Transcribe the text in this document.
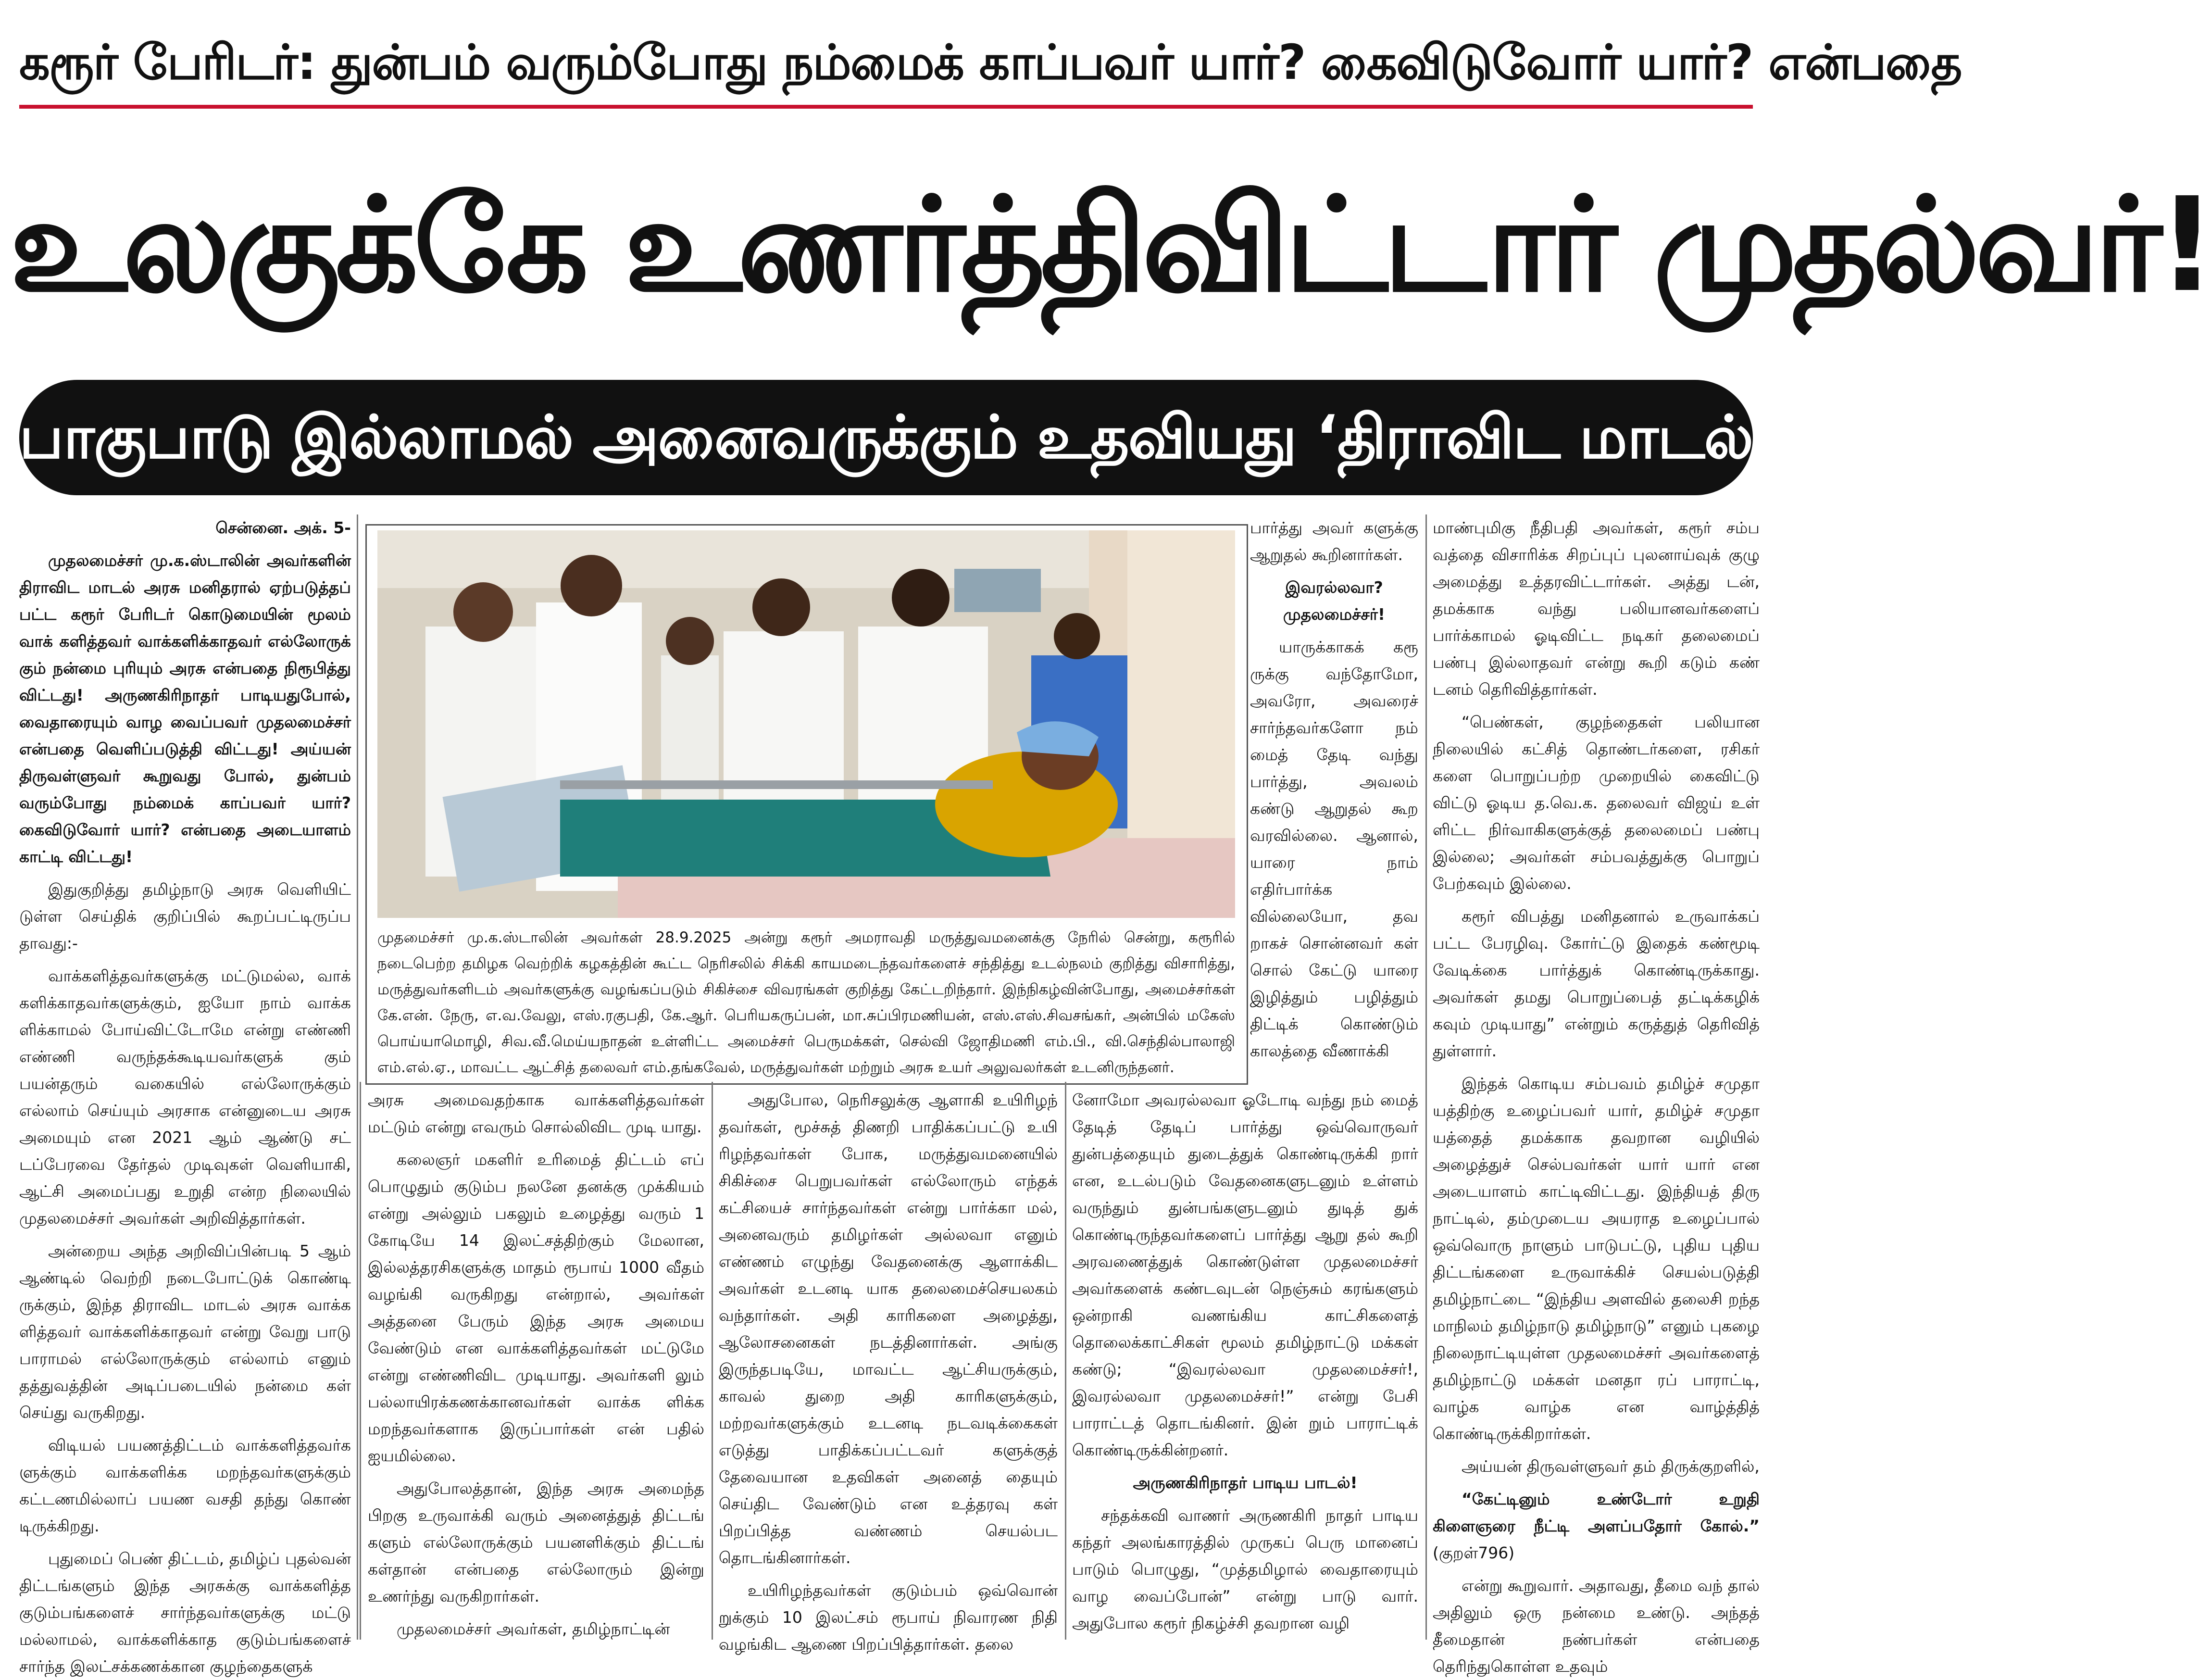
கரூர் பேரிடர்: துன்பம் வரும்போது நம்மைக் காப்பவர் யார்? கைவிடுவோர் யார்? என்பதை
உலகுக்கே உணர்த்திவிட்டார் முதல்வர்!
பாகுபாடு இல்லாமல் அனைவருக்கும் உதவியது ‘திராவிட மாடல்’ அரசு!

சென்னை. அக். 5-

முதலமைச்சர் மு.க.ஸ்டாலின் அவர்களின் திராவிட மாடல் அரசு மனிதரால் ஏற்படுத்தப் பட்ட கரூர் பேரிடர் கொடுமையின் மூலம் வாக் களித்தவர் வாக்களிக்காதவர் எல்லோருக் கும் நன்மை புரியும் அரசு என்பதை நிரூபித்து விட்டது! அருணகிரிநாதர் பாடியதுபோல், வைதாரையும் வாழ வைப்பவர் முதலமைச்சர் என்பதை வெளிப்படுத்தி விட்டது! அய்யன் திருவள்ளுவர் கூறுவது போல், துன்பம் வரும்போது நம்மைக் காப்பவர் யார்? கைவிடுவோர் யார்? என்பதை அடையாளம் காட்டி விட்டது!

இதுகுறித்து தமிழ்நாடு அரசு வெளியிட் டுள்ள செய்திக் குறிப்பில் கூறப்பட்டிருப்ப தாவது:-

வாக்களித்தவர்களுக்கு மட்டுமல்ல, வாக் களிக்காதவர்களுக்கும், ஐயோ நாம் வாக்க ளிக்காமல் போய்விட்டோமே என்று எண்ணி எண்ணி வருந்தக்கூடியவர்களுக் கும் பயன்தரும் வகையில் எல்லோருக்கும் எல்லாம் செய்யும் அரசாக என்னுடைய அரசு அமையும் என 2021 ஆம் ஆண்டு சட் டப்பேரவை தேர்தல் முடிவுகள் வெளியாகி, ஆட்சி அமைப்பது உறுதி என்ற நிலையில் முதலமைச்சர் அவர்கள் அறிவித்தார்கள்.

அன்றைய அந்த அறிவிப்பின்படி 5 ஆம் ஆண்டில் வெற்றி நடைபோட்டுக் கொண்டி ருக்கும், இந்த திராவிட மாடல் அரசு வாக்க ளித்தவர் வாக்களிக்காதவர் என்று வேறு பாடு பாராமல் எல்லோருக்கும் எல்லாம் எனும் தத்துவத்தின் அடிப்படையில் நன்மை கள் செய்து வருகிறது.

விடியல் பயணத்திட்டம் வாக்களித்தவர்க ளுக்கும் வாக்களிக்க மறந்தவர்களுக்கும் கட்டணமில்லாப் பயண வசதி தந்து கொண் டிருக்கிறது.

புதுமைப் பெண் திட்டம், தமிழ்ப் புதல்வன் திட்டங்களும் இந்த அரசுக்கு வாக்களித்த குடும்பங்களைச் சார்ந்தவர்களுக்கு மட்டு மல்லாமல், வாக்களிக்காத குடும்பங்களைச் சார்ந்த இலட்சக்கணக்கான குழந்தைகளுக்

முதமைச்சர் மு.க.ஸ்டாலின் அவர்கள் 28.9.2025 அன்று கரூர் அமராவதி மருத்துவமனைக்கு நேரில் சென்று, கரூரில் நடைபெற்ற தமிழக வெற்றிக் கழகத்தின் கூட்ட நெரிசலில் சிக்கி காயமடைந்தவர்களைச் சந்தித்து உடல்நலம் குறித்து விசாரித்து, மருத்துவர்களிடம் அவர்களுக்கு வழங்கப்படும் சிகிச்சை விவரங்கள் குறித்து கேட்டறிந்தார். இந்நிகழ்வின்போது, அமைச்சர்கள் கே.என். நேரு, எ.வ.வேலு, எஸ்.ரகுபதி, கே.ஆர். பெரியகருப்பன், மா.சுப்பிரமணியன், எஸ்.எஸ்.சிவசங்கர், அன்பில் மகேஸ் பொய்யாமொழி, சிவ.வீ.மெய்யநாதன் உள்ளிட்ட அமைச்சர் பெருமக்கள், செல்வி ஜோதிமணி எம்.பி., வி.செந்தில்பாலாஜி எம்.எல்.ஏ., மாவட்ட ஆட்சித் தலைவர் எம்.தங்கவேல், மருத்துவர்கள் மற்றும் அரசு உயர் அலுவலர்கள் உடனிருந்தனர்.

அரசு அமைவதற்காக வாக்களித்தவர்கள் மட்டும் என்று எவரும் சொல்லிவிட முடி யாது.

கலைஞர் மகளிர் உரிமைத் திட்டம் எப் பொழுதும் குடும்ப நலனே தனக்கு முக்கியம் என்று அல்லும் பகலும் உழைத்து வரும் 1 கோடியே 14 இலட்சத்திற்கும் மேலான, இல்லத்தரசிகளுக்கு மாதம் ரூபாய் 1000 வீதம் வழங்கி வருகிறது என்றால், அவர்கள் அத்தனை பேரும் இந்த அரசு அமைய வேண்டும் என வாக்களித்தவர்கள் மட்டுமே என்று எண்ணிவிட முடியாது. அவர்களி லும் பல்லாயிரக்கணக்கானவர்கள் வாக்க ளிக்க மறந்தவர்களாக இருப்பார்கள் என் பதில் ஐயமில்லை.

அதுபோலத்தான், இந்த அரசு அமைந்த பிறகு உருவாக்கி வரும் அனைத்துத் திட்டங் களும் எல்லோருக்கும் பயனளிக்கும் திட்டங் கள்தான் என்பதை எல்லோரும் இன்று உணர்ந்து வருகிறார்கள்.

முதலமைச்சர் அவர்கள், தமிழ்நாட்டின்

அதுபோல, நெரிசலுக்கு ஆளாகி உயிரிழந் தவர்கள், மூச்சுத் திணறி பாதிக்கப்பட்டு உயி ரிழந்தவர்கள் போக, மருத்துவமனையில் சிகிச்சை பெறுபவர்கள் எல்லோரும் எந்தக் கட்சியைச் சார்ந்தவர்கள் என்று பார்க்கா மல், அனைவரும் தமிழர்கள் அல்லவா எனும் எண்ணம் எழுந்து வேதனைக்கு ஆளாக்கிட அவர்கள் உடனடி யாக தலைமைச்செயலகம் வந்தார்கள். அதி காரிகளை அழைத்து, ஆலோசனைகள் நடத்தினார்கள். அங்கு இருந்தபடியே, மாவட்ட ஆட்சியருக்கும், காவல் துறை அதி காரிகளுக்கும், மற்றவர்களுக்கும் உடனடி நடவடிக்கைகள் எடுத்து பாதிக்கப்பட்டவர் களுக்குத் தேவையான உதவிகள் அனைத் தையும் செய்திட வேண்டும் என உத்தரவு கள் பிறப்பித்த வண்ணம் செயல்பட தொடங்கினார்கள்.

உயிரிழந்தவர்கள் குடும்பம் ஒவ்வொன் றுக்கும் 10 இலட்சம் ரூபாய் நிவாரண நிதி வழங்கிட ஆணை பிறப்பித்தார்கள். தலை

பார்த்து அவர் களுக்கு ஆறுதல் கூறினார்கள்.

இவரல்லவா? முதலமைச்சர்!

யாருக்காகக் கரூ ருக்கு வந்தோமோ, அவரோ, அவரைச் சார்ந்தவர்களோ நம் மைத் தேடி வந்து பார்த்து, அவலம் கண்டு ஆறுதல் கூற வரவில்லை. ஆனால், யாரை நாம் எதிர்பார்க்க வில்லையோ, தவ றாகச் சொன்னவர் கள் சொல் கேட்டு யாரை இழித்தும் பழித்தும் திட்டிக் கொண்டும் காலத்தை வீணாக்கி

னோமோ அவரல்லவா ஓடோடி வந்து நம் மைத் தேடித் தேடிப் பார்த்து ஒவ்வொருவர் துன்பத்தையும் துடைத்துக் கொண்டிருக்கி றார் என, உடல்படும் வேதனைகளுடனும் உள்ளம் வருந்தும் துன்பங்களுடனும் துடித் துக் கொண்டிருந்தவர்களைப் பார்த்து ஆறு தல் கூறி அரவணைத்துக் கொண்டுள்ள முதலமைச்சர் அவர்களைக் கண்டவுடன் நெஞ்சும் கரங்களும் ஒன்றாகி வணங்கிய காட்சிகளைத் தொலைக்காட்சிகள் மூலம் தமிழ்நாட்டு மக்கள் கண்டு; “இவரல்லவா முதலமைச்சர்!, இவரல்லவா முதலமைச்சர்!” என்று பேசி பாராட்டத் தொடங்கினர். இன் றும் பாராட்டிக் கொண்டிருக்கின்றனர்.

அருணகிரிநாதர் பாடிய பாடல்!

சந்தக்கவி வாணர் அருணகிரி நாதர் பாடிய கந்தர் அலங்காரத்தில் முருகப் பெரு மானைப் பாடும் பொழுது, “முத்தமிழால் வைதாரையும் வாழ வைப்போன்” என்று பாடு வார். அதுபோல கரூர் நிகழ்ச்சி தவறான வழி

மாண்புமிகு நீதிபதி அவர்கள், கரூர் சம்ப வத்தை விசாரிக்க சிறப்புப் புலனாய்வுக் குழு அமைத்து உத்தரவிட்டார்கள். அத்து டன், தமக்காக வந்து பலியானவர்களைப் பார்க்காமல் ஓடிவிட்ட நடிகர் தலைமைப் பண்பு இல்லாதவர் என்று கூறி கடும் கண் டனம் தெரிவித்தார்கள்.

“பெண்கள், குழந்தைகள் பலியான நிலையில் கட்சித் தொண்டர்களை, ரசிகர் களை பொறுப்பற்ற முறையில் கைவிட்டு விட்டு ஓடிய த.வெ.க. தலைவர் விஜய் உள் ளிட்ட நிர்வாகிகளுக்குத் தலைமைப் பண்பு இல்லை; அவர்கள் சம்பவத்துக்கு பொறுப் பேற்கவும் இல்லை.

கரூர் விபத்து மனிதனால் உருவாக்கப் பட்ட பேரழிவு. கோர்ட்டு இதைக் கண்மூடி வேடிக்கை பார்த்துக் கொண்டிருக்காது. அவர்கள் தமது பொறுப்பைத் தட்டிக்கழிக் கவும் முடியாது” என்றும் கருத்துத் தெரிவித் துள்ளார்.

இந்தக் கொடிய சம்பவம் தமிழ்ச் சமுதா யத்திற்கு உழைப்பவர் யார், தமிழ்ச் சமுதா யத்தைத் தமக்காக தவறான வழியில் அழைத்துச் செல்பவர்கள் யார் யார் என அடையாளம் காட்டிவிட்டது. இந்தியத் திரு நாட்டில், தம்முடைய அயராத உழைப்பால் ஒவ்வொரு நாளும் பாடுபட்டு, புதிய புதிய திட்டங்களை உருவாக்கிச் செயல்படுத்தி தமிழ்நாட்டை “இந்திய அளவில் தலைசி றந்த மாநிலம் தமிழ்நாடு தமிழ்நாடு” எனும் புகழை நிலைநாட்டியுள்ள முதலமைச்சர் அவர்களைத் தமிழ்நாட்டு மக்கள் மனதா ரப் பாராட்டி, வாழ்க வாழ்க என வாழ்த்தித் கொண்டிருக்கிறார்கள்.

அய்யன் திருவள்ளுவர் தம் திருக்குறளில்,

“கேட்டினும் உண்டோர் உறுதி கிளைஞரை நீட்டி அளப்பதோர் கோல்.” (குறள்796)

என்று கூறுவார். அதாவது, தீமை வந் தால் அதிலும் ஒரு நன்மை உண்டு. அந்தத் தீமைதான் நண்பர்கள் என்பதை தெரிந்துகொள்ள உதவும்
